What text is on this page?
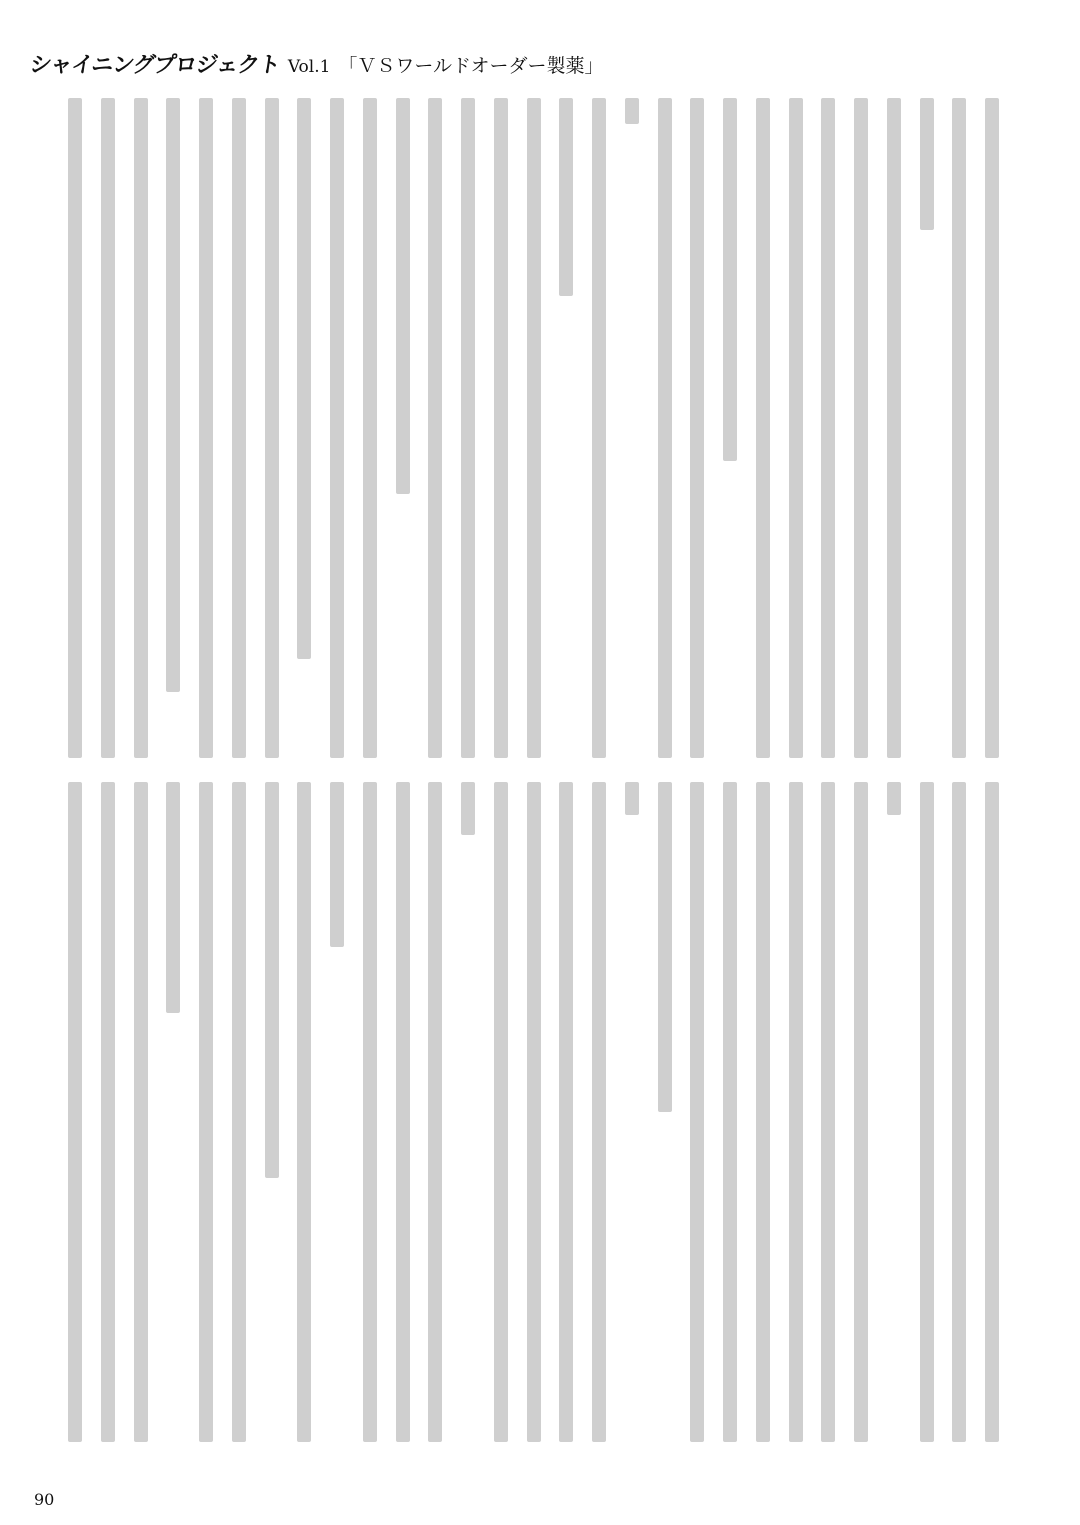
シャイニングプロジェクト Vol.1 「ＶＳワールドオーダー製薬」
90
